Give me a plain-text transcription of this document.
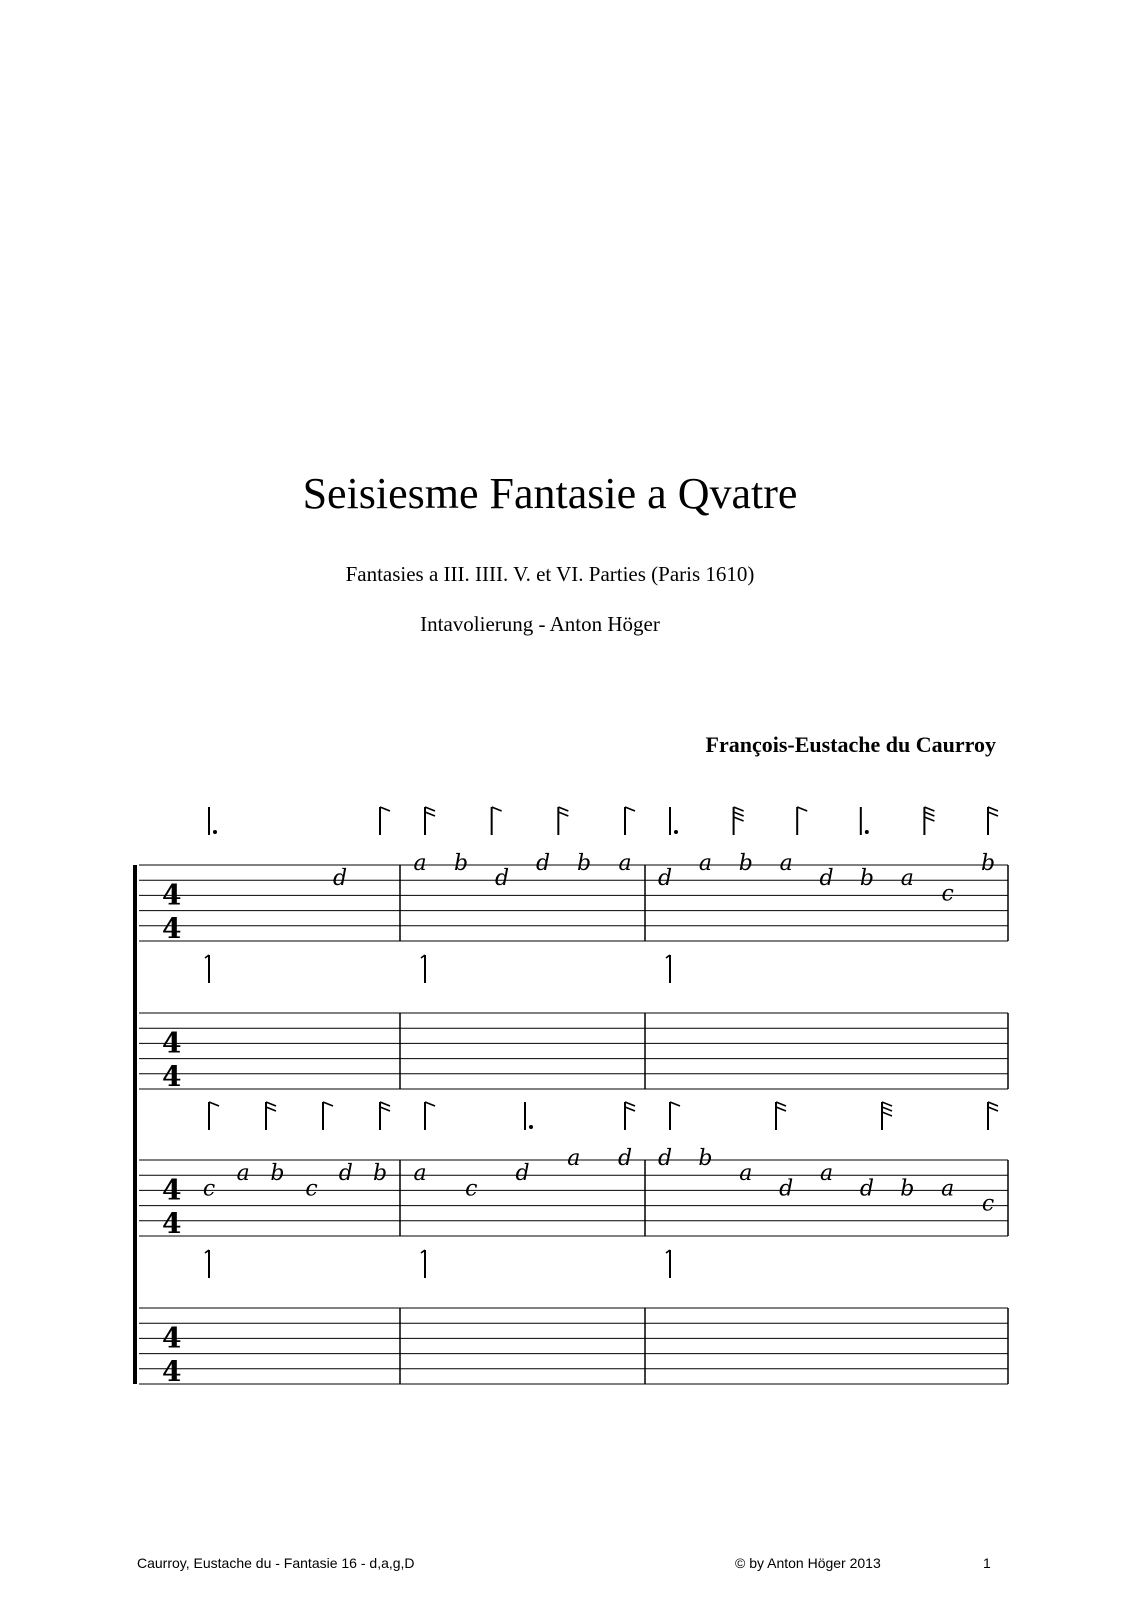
Seisiesme Fantasie a Qvatre
Fantasies a III. IIII. V. et VI. Parties (Paris 1610)
Intavolierung - Anton Höger
François-Eustache du Caurroy
4
4
d
a b
d
d b a
d
a b a
d b a
c
b
4
4
4
4
c
a b
c
d b a
c
d
a d d b
a
d
a
d b a
c
4
4
Caurroy, Eustache du - Fantasie 16 - d,a,g,D	© by Anton Höger 2013	1
